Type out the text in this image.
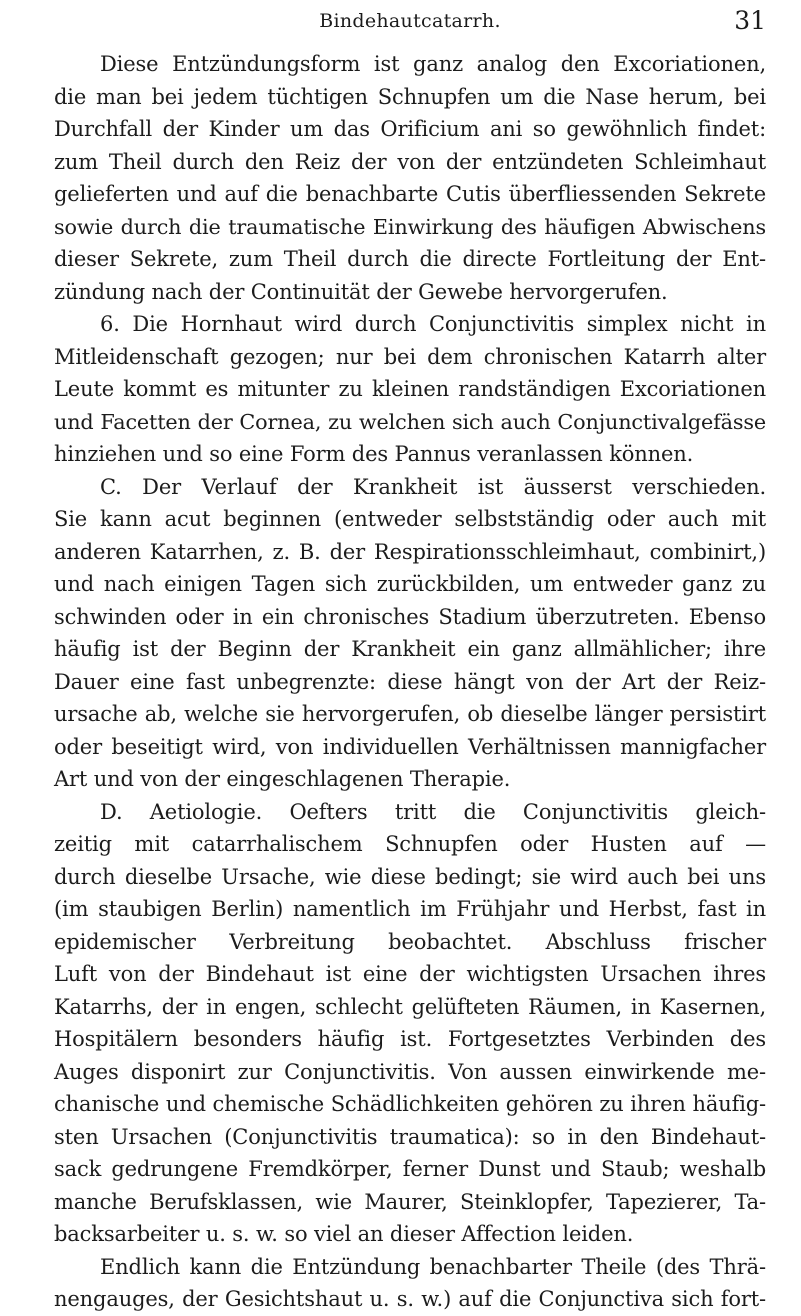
Bindehautcatarrh.	31
Diese Entzündungsform ist ganz analog den Excoriationen,
die man bei jedem tüchtigen Schnupfen um die Nase herum, bei
Durchfall der Kinder um das Orificium ani so gewöhnlich findet:
zum Theil durch den Reiz der von der entzündeten Schleimhaut
gelieferten und auf die benachbarte Cutis überfliessenden Sekrete
sowie durch die traumatische Einwirkung des häufigen Abwischens
dieser Sekrete, zum Theil durch die directe Fortleitung der Ent-
zündung nach der Continuität der Gewebe hervorgerufen.
6. Die Hornhaut wird durch Conjunctivitis simplex nicht in
Mitleidenschaft gezogen; nur bei dem chronischen Katarrh alter
Leute kommt es mitunter zu kleinen randständigen Excoriationen
und Facetten der Cornea, zu welchen sich auch Conjunctivalgefässe
hinziehen und so eine Form des Pannus veranlassen können.
C. Der Verlauf der Krankheit ist äusserst verschieden.
Sie kann acut beginnen (entweder selbstständig oder auch mit
anderen Katarrhen, z. B. der Respirationsschleimhaut, combinirt,)
und nach einigen Tagen sich zurückbilden, um entweder ganz zu
schwinden oder in ein chronisches Stadium überzutreten. Ebenso
häufig ist der Beginn der Krankheit ein ganz allmählicher; ihre
Dauer eine fast unbegrenzte: diese hängt von der Art der Reiz-
ursache ab, welche sie hervorgerufen, ob dieselbe länger persistirt
oder beseitigt wird, von individuellen Verhältnissen mannigfacher
Art und von der eingeschlagenen Therapie.
D. Aetiologie. Oefters tritt die Conjunctivitis gleich-
zeitig mit catarrhalischem Schnupfen oder Husten auf —
durch dieselbe Ursache, wie diese bedingt; sie wird auch bei uns
(im staubigen Berlin) namentlich im Frühjahr und Herbst, fast in
epidemischer Verbreitung beobachtet. Abschluss frischer
Luft von der Bindehaut ist eine der wichtigsten Ursachen ihres
Katarrhs, der in engen, schlecht gelüfteten Räumen, in Kasernen,
Hospitälern besonders häufig ist. Fortgesetztes Verbinden des
Auges disponirt zur Conjunctivitis. Von aussen einwirkende me-
chanische und chemische Schädlichkeiten gehören zu ihren häufig-
sten Ursachen (Conjunctivitis traumatica): so in den Bindehaut-
sack gedrungene Fremdkörper, ferner Dunst und Staub; weshalb
manche Berufsklassen, wie Maurer, Steinklopfer, Tapezierer, Ta-
backsarbeiter u. s. w. so viel an dieser Affection leiden.
Endlich kann die Entzündung benachbarter Theile (des Thrä-
nengauges, der Gesichtshaut u. s. w.) auf die Conjunctiva sich fort-
